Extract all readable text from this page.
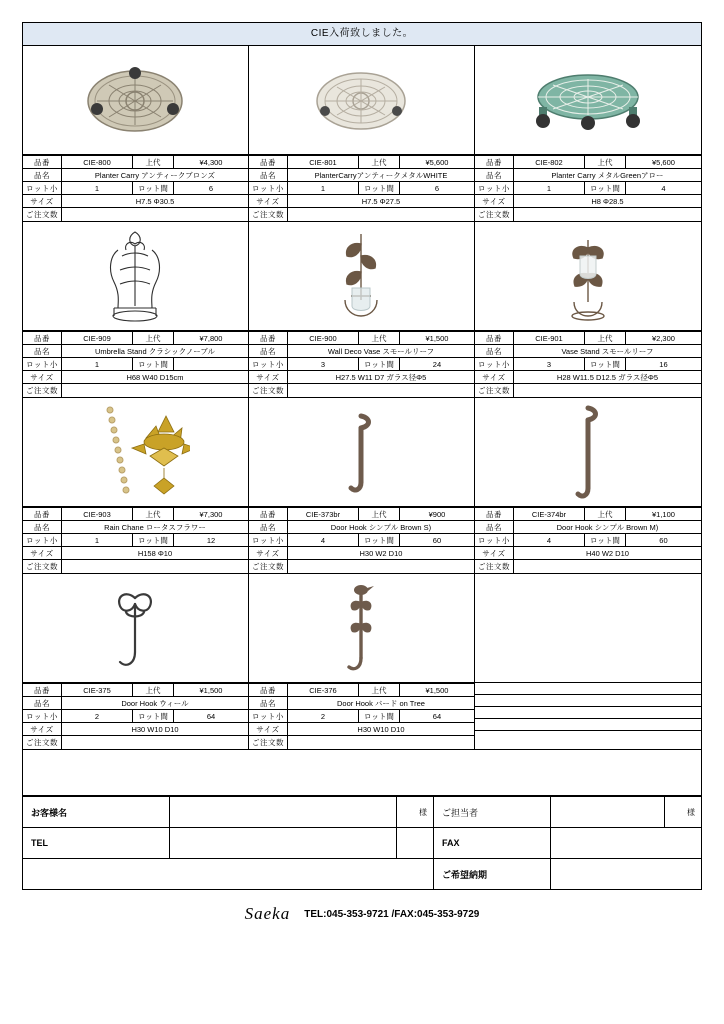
CIE入荷致しました。
品番	CIE-800	上代	¥4,300
品名	Planter Carry アンティークブロンズ		
ロット小	1	ロット間	6
サイズ	H7.5 Φ30.5		
ご注文数			
品番	CIE-801	上代	¥5,600
品名	PlanterCarryアンティークメタルWHITE		
ロット小	1	ロット間	6
サイズ	H7.5 Φ27.5		
ご注文数			
品番	CIE-802	上代	¥5,600
品名	Planter Carry メタルGreenアロー		
ロット小	1	ロット間	4
サイズ	H8 Φ28.5		
ご注文数			
品番	CIE-909	上代	¥7,800
品名	Umbrella Stand クラシックノーブル		
ロット小	1	ロット間	
サイズ	H68 W40 D15cm		
ご注文数			
品番	CIE-900	上代	¥1,500
品名	Wall Deco Vase スモールリーフ		
ロット小	3	ロット間	24
サイズ	H27.5 W11 D7 ガラス径Φ5		
ご注文数			
品番	CIE-901	上代	¥2,300
品名	Vase Stand スモールリーフ		
ロット小	3	ロット間	16
サイズ	H28 W11.5 D12.5 ガラス径Φ5		
ご注文数			
品番	CIE-903	上代	¥7,300
品名	Rain Chane ロータスフラワー		
ロット小	1	ロット間	12
サイズ	H158 Φ10		
ご注文数			
品番	CIE-373br	上代	¥900
品名	Door Hook シンプル Brown S)		
ロット小	4	ロット間	60
サイズ	H30 W2 D10		
ご注文数			
品番	CIE-374br	上代	¥1,100
品名	Door Hook シンプル Brown M)		
ロット小	4	ロット間	60
サイズ	H40 W2 D10		
ご注文数			
品番	CIE-375	上代	¥1,500
品名	Door Hook ウィール		
ロット小	2	ロット間	64
サイズ	H30 W10 D10		
ご注文数			
品番	CIE-376	上代	¥1,500
品名	Door Hook バード on Tree		
ロット小	2	ロット間	64
サイズ	H30 W10 D10		
ご注文数			
お客様名		様	ご担当者		様
TEL			FAX		
			ご希望納期		
Saeka TEL:045-353-9721 /FAX:045-353-9729
